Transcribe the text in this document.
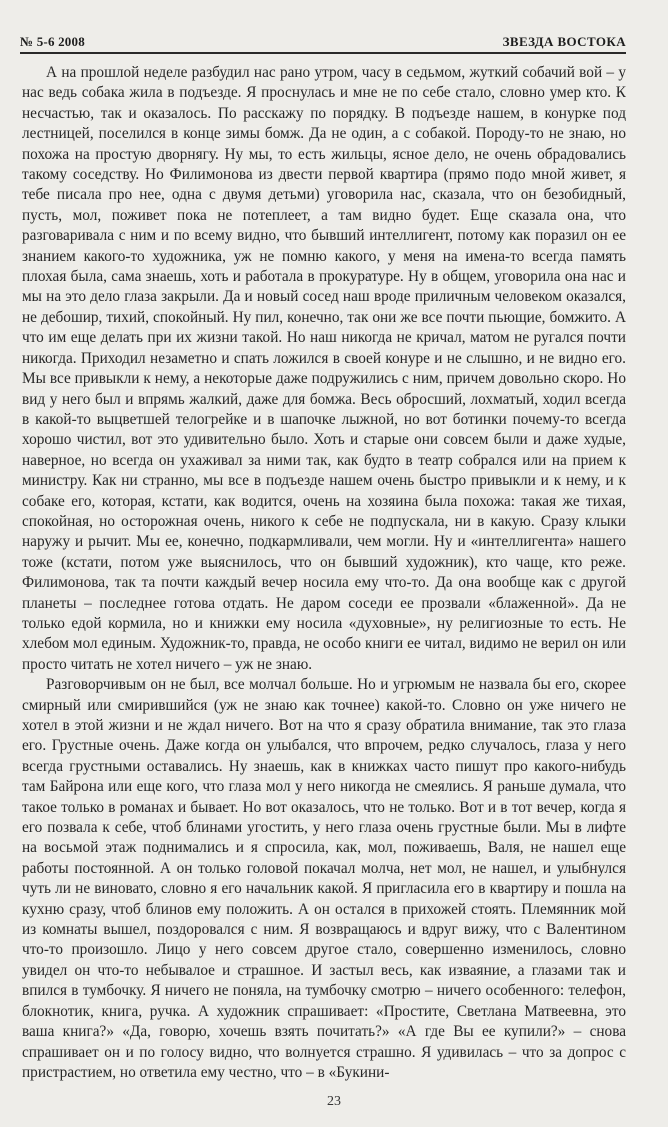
№ 5-6 2008	ЗВЕЗДА ВОСТОКА

А на прошлой неделе разбудил нас рано утром, часу в седьмом, жуткий собачий вой – у нас ведь собака жила в подъезде. Я проснулась и мне не по себе стало, словно умер кто. К несчастью, так и оказалось. По расскажу по порядку. В подъезде нашем, в конурке под лестницей, поселился в конце зимы бомж. Да не один, а с собакой. Породу-то не знаю, но похожа на простую дворнягу. Ну мы, то есть жильцы, ясное дело, не очень обрадовались такому соседству. Но Филимонова из двести первой квартира (прямо подо мной живет, я тебе писала про нее, одна с двумя детьми) уговорила нас, сказала, что он безобидный, пусть, мол, поживет пока не потеплеет, а там видно будет. Еще сказала она, что разговаривала с ним и по всему видно, что бывший интеллигент, потому как поразил он ее знанием какого-то художника, уж не помню какого, у меня на имена-то всегда память плохая была, сама знаешь, хоть и работала в прокуратуре. Ну в общем, уговорила она нас и мы на это дело глаза закрыли. Да и новый сосед наш вроде приличным человеком оказался, не дебошир, тихий, спокойный. Ну пил, конечно, так они же все почти пьющие, бомжито. А что им еще делать при их жизни такой. Но наш никогда не кричал, матом не ругался почти никогда. Приходил незаметно и спать ложился в своей конуре и не слышно, и не видно его. Мы все привыкли к нему, а некоторые даже подружились с ним, причем довольно скоро. Но вид у него был и впрямь жалкий, даже для бомжа. Весь обросший, лохматый, ходил всегда в какой-то выцветшей телогрейке и в шапочке лыжной, но вот ботинки почему-то всегда хорошо чистил, вот это удивительно было. Хоть и старые они совсем были и даже худые, наверное, но всегда он ухаживал за ними так, как будто в театр собрался или на прием к министру. Как ни странно, мы все в подъезде нашем очень быстро привыкли и к нему, и к собаке его, которая, кстати, как водится, очень на хозяина была похожа: такая же тихая, спокойная, но осторожная очень, никого к себе не подпускала, ни в какую. Сразу клыки наружу и рычит. Мы ее, конечно, подкармливали, чем могли. Ну и «интеллигента» нашего тоже (кстати, потом уже выяснилось, что он бывший художник), кто чаще, кто реже. Филимонова, так та почти каждый вечер носила ему что-то. Да она вообще как с другой планеты – последнее готова отдать. Не даром соседи ее прозвали «блаженной». Да не только едой кормила, но и книжки ему носила «духовные», ну религиозные то есть. Не хлебом мол единым. Художник-то, правда, не особо книги ее читал, видимо не верил он или просто читать не хотел ничего – уж не знаю.

Разговорчивым он не был, все молчал больше. Но и угрюмым не назвала бы его, скорее смирный или смирившийся (уж не знаю как точнее) какой-то. Словно он уже ничего не хотел в этой жизни и не ждал ничего. Вот на что я сразу обратила внимание, так это глаза его. Грустные очень. Даже когда он улыбался, что впрочем, редко случалось, глаза у него всегда грустными оставались. Ну знаешь, как в книжках часто пишут про какого-нибудь там Байрона или еще кого, что глаза мол у него никогда не смеялись. Я раньше думала, что такое только в романах и бывает. Но вот оказалось, что не только. Вот и в тот вечер, когда я его позвала к себе, чтоб блинами угостить, у него глаза очень грустные были. Мы в лифте на восьмой этаж поднимались и я спросила, как, мол, поживаешь, Валя, не нашел еще работы постоянной. А он только головой покачал молча, нет мол, не нашел, и улыбнулся чуть ли не виновато, словно я его начальник какой. Я пригласила его в квартиру и пошла на кухню сразу, чтоб блинов ему положить. А он остался в прихожей стоять. Племянник мой из комнаты вышел, поздоровался с ним. Я возвращаюсь и вдруг вижу, что с Валентином что-то произошло. Лицо у него совсем другое стало, совершенно изменилось, словно увидел он что-то небывалое и страшное. И застыл весь, как изваяние, а глазами так и впился в тумбочку. Я ничего не поняла, на тумбочку смотрю – ничего особенного: телефон, блокнотик, книга, ручка. А художник спрашивает: «Простите, Светлана Матвеевна, это ваша книга?» «Да, говорю, хочешь взять почитать?» «А где Вы ее купили?» – снова спрашивает он и по голосу видно, что волнуется страшно. Я удивилась – что за допрос с пристрастием, но ответила ему честно, что – в «Букини-

23
